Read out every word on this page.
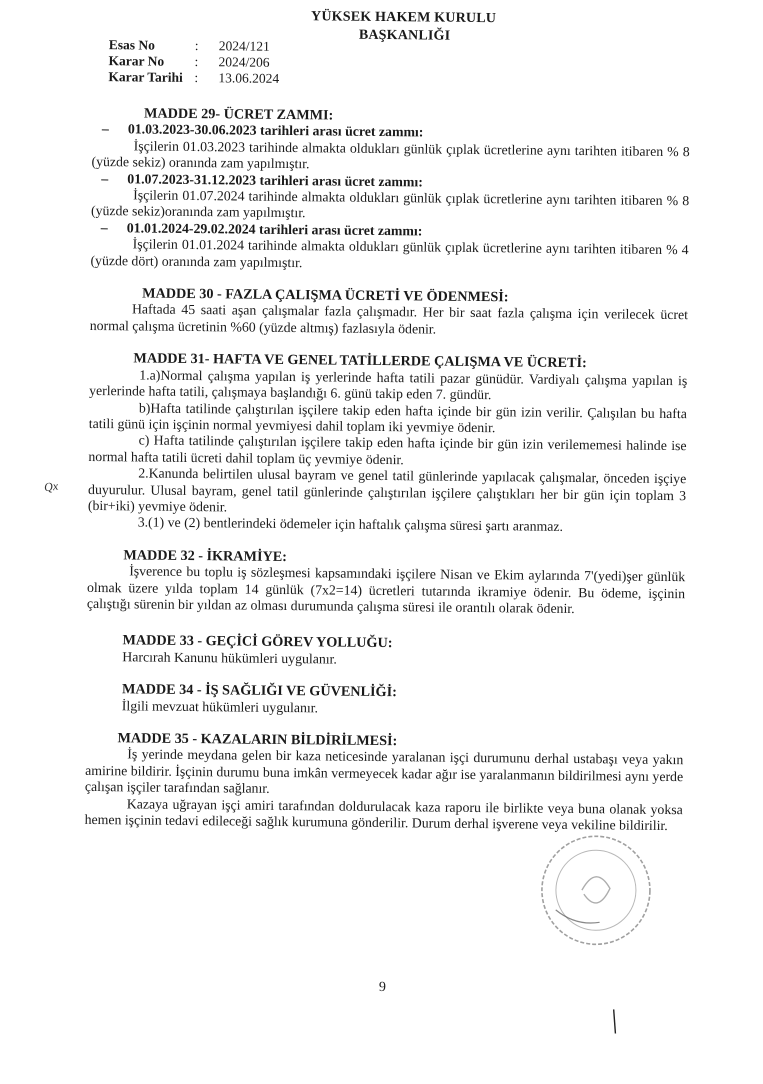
YÜKSEK HAKEM KURULU
BAŞKANLIĞI
Esas No	:	2024/121
Karar No	:	2024/206
Karar Tarihi :	13.06.2024
MADDE 29- ÜCRET ZAMMI:
– 01.03.2023-30.06.2023 tarihleri arası ücret zammı:
İşçilerin 01.03.2023 tarihinde almakta oldukları günlük çıplak ücretlerine aynı tarihten itibaren % 8 (yüzde sekiz) oranında zam yapılmıştır.
– 01.07.2023-31.12.2023 tarihleri arası ücret zammı:
İşçilerin 01.07.2024 tarihinde almakta oldukları günlük çıplak ücretlerine aynı tarihten itibaren % 8 (yüzde sekiz)oranında zam yapılmıştır.
– 01.01.2024-29.02.2024 tarihleri arası ücret zammı:
İşçilerin 01.01.2024 tarihinde almakta oldukları günlük çıplak ücretlerine aynı tarihten itibaren % 4 (yüzde dört) oranında zam yapılmıştır.
MADDE 30 - FAZLA ÇALIŞMA ÜCRETİ VE ÖDENMESİ:
Haftada 45 saati aşan çalışmalar fazla çalışmadır. Her bir saat fazla çalışma için verilecek ücret normal çalışma ücretinin %60 (yüzde altmış) fazlasıyla ödenir.
MADDE 31- HAFTA VE GENEL TATİLLERDE ÇALIŞMA VE ÜCRETİ:
1.a)Normal çalışma yapılan iş yerlerinde hafta tatili pazar günüdür. Vardiyalı çalışma yapılan iş yerlerinde hafta tatili, çalışmaya başlandığı 6. günü takip eden 7. gündür.
b)Hafta tatilinde çalıştırılan işçilere takip eden hafta içinde bir gün izin verilir. Çalışılan bu hafta tatili günü için işçinin normal yevmiyesi dahil toplam iki yevmiye ödenir.
c) Hafta tatilinde çalıştırılan işçilere takip eden hafta içinde bir gün izin verilememesi halinde ise normal hafta tatili ücreti dahil toplam üç yevmiye ödenir.
2.Kanunda belirtilen ulusal bayram ve genel tatil günlerinde yapılacak çalışmalar, önceden işçiye duyurulur. Ulusal bayram, genel tatil günlerinde çalıştırılan işçilere çalıştıkları her bir gün için toplam 3 (bir+iki) yevmiye ödenir.
3.(1) ve (2) bentlerindeki ödemeler için haftalık çalışma süresi şartı aranmaz.
MADDE 32 - İKRAMİYE:
İşverence bu toplu iş sözleşmesi kapsamındaki işçilere Nisan ve Ekim aylarında 7'(yedi)şer günlük olmak üzere yılda toplam 14 günlük (7x2=14) ücretleri tutarında ikramiye ödenir. Bu ödeme, işçinin çalıştığı sürenin bir yıldan az olması durumunda çalışma süresi ile orantılı olarak ödenir.
MADDE 33 - GEÇİCİ GÖREV YOLLUĞU:
Harcırah Kanunu hükümleri uygulanır.
MADDE 34 - İŞ SAĞLIĞI VE GÜVENLİĞİ:
İlgili mevzuat hükümleri uygulanır.
MADDE 35 - KAZALARIN BİLDİRİLMESİ:
İş yerinde meydana gelen bir kaza neticesinde yaralanan işçi durumunu derhal ustabaşı veya yakın amirine bildirir. İşçinin durumu buna imkân vermeyecek kadar ağır ise yaralanmanın bildirilmesi aynı yerde çalışan işçiler tarafından sağlanır.
Kazaya uğrayan işçi amiri tarafından doldurulacak kaza raporu ile birlikte veya buna olanak yoksa hemen işçinin tedavi edileceği sağlık kurumuna gönderilir. Durum derhal işverene veya vekiline bildirilir.
Qx
9
